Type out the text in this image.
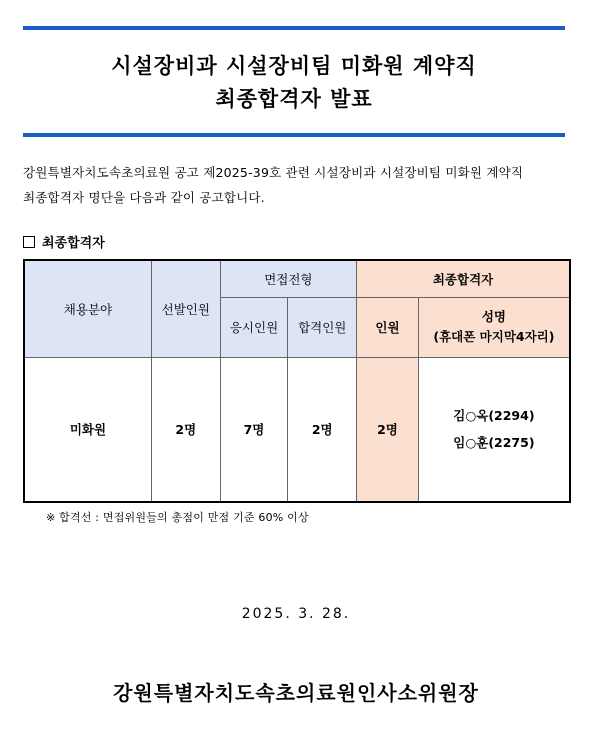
시설장비과 시설장비팀 미화원 계약직
최종합격자 발표
강원특별자치도속초의료원 공고 제2025-39호 관련 시설장비과 시설장비팀 미화원 계약직
최종합격자 명단을 다음과 같이 공고합니다.
최종합격자
채용분야	선발인원	면접전형		최종합격자	
		응시인원	합격인원	인원	성명
(휴대폰 마지막4자리)

미화원	2명	7명	2명	2명	김○옥(2294)
임○훈(2275)
※ 합격선 : 면접위원들의 총점이 만점 기준 60% 이상
2025. 3. 28.
강원특별자치도속초의료원인사소위원장
